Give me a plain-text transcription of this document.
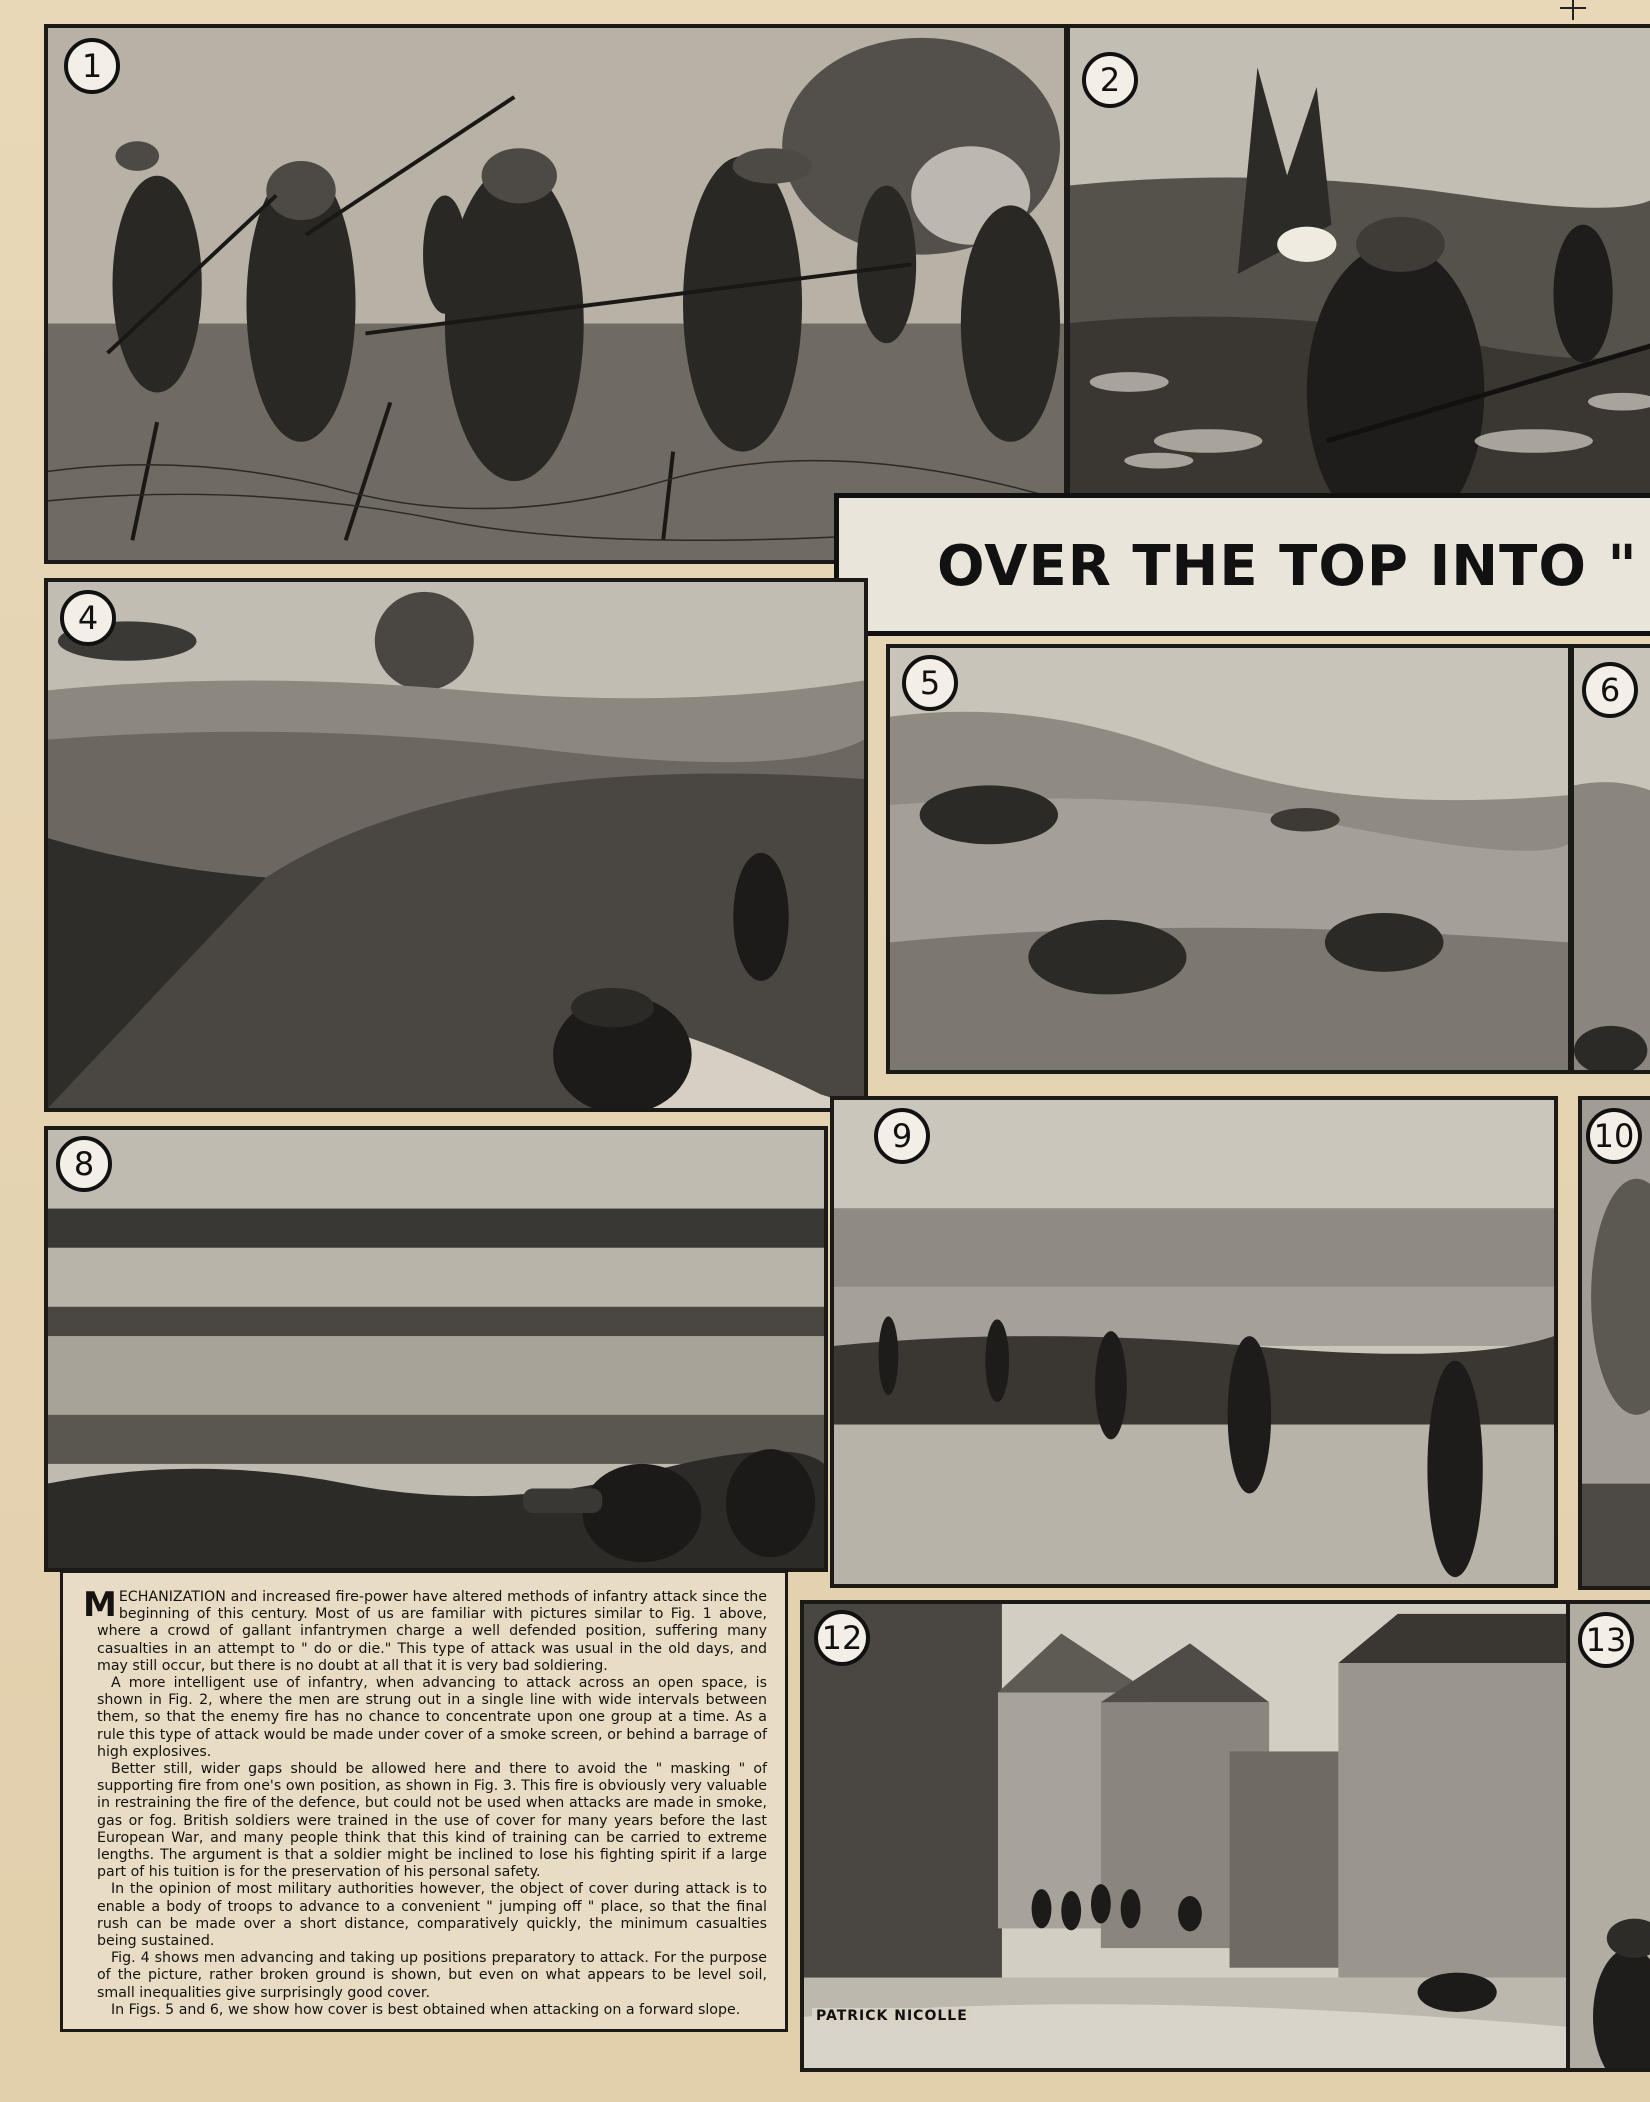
1	2
OVER THE TOP INTO "
4
5	6
8
9	10

MECHANIZATION and increased fire-power have altered methods of infantry attack since the beginning of this century. Most of us are familiar with pictures similar to Fig. 1 above, where a crowd of gallant infantrymen charge a well defended position, suffering many casualties in an attempt to " do or die." This type of attack was usual in the old days, and may still occur, but there is no doubt at all that it is very bad soldiering.

A more intelligent use of infantry, when advancing to attack across an open space, is shown in Fig. 2, where the men are strung out in a single line with wide intervals between them, so that the enemy fire has no chance to concentrate upon one group at a time. As a rule this type of attack would be made under cover of a smoke screen, or behind a barrage of high explosives.

Better still, wider gaps should be allowed here and there to avoid the " masking " of supporting fire from one's own position, as shown in Fig. 3. This fire is obviously very valuable in restraining the fire of the defence, but could not be used when attacks are made in smoke, gas or fog. British soldiers were trained in the use of cover for many years before the last European War, and many people think that this kind of training can be carried to extreme lengths. The argument is that a soldier might be inclined to lose his fighting spirit if a large part of his tuition is for the preservation of his personal safety.

In the opinion of most military authorities however, the object of cover during attack is to enable a body of troops to advance to a convenient " jumping off " place, so that the final rush can be made over a short distance, comparatively quickly, the minimum casualties being sustained.

Fig. 4 shows men advancing and taking up positions preparatory to attack. For the purpose of the picture, rather broken ground is shown, but even on what appears to be level soil, small inequalities give surprisingly good cover.

In Figs. 5 and 6, we show how cover is best obtained when attacking on a forward slope.

12
PATRICK NICOLLE
13
